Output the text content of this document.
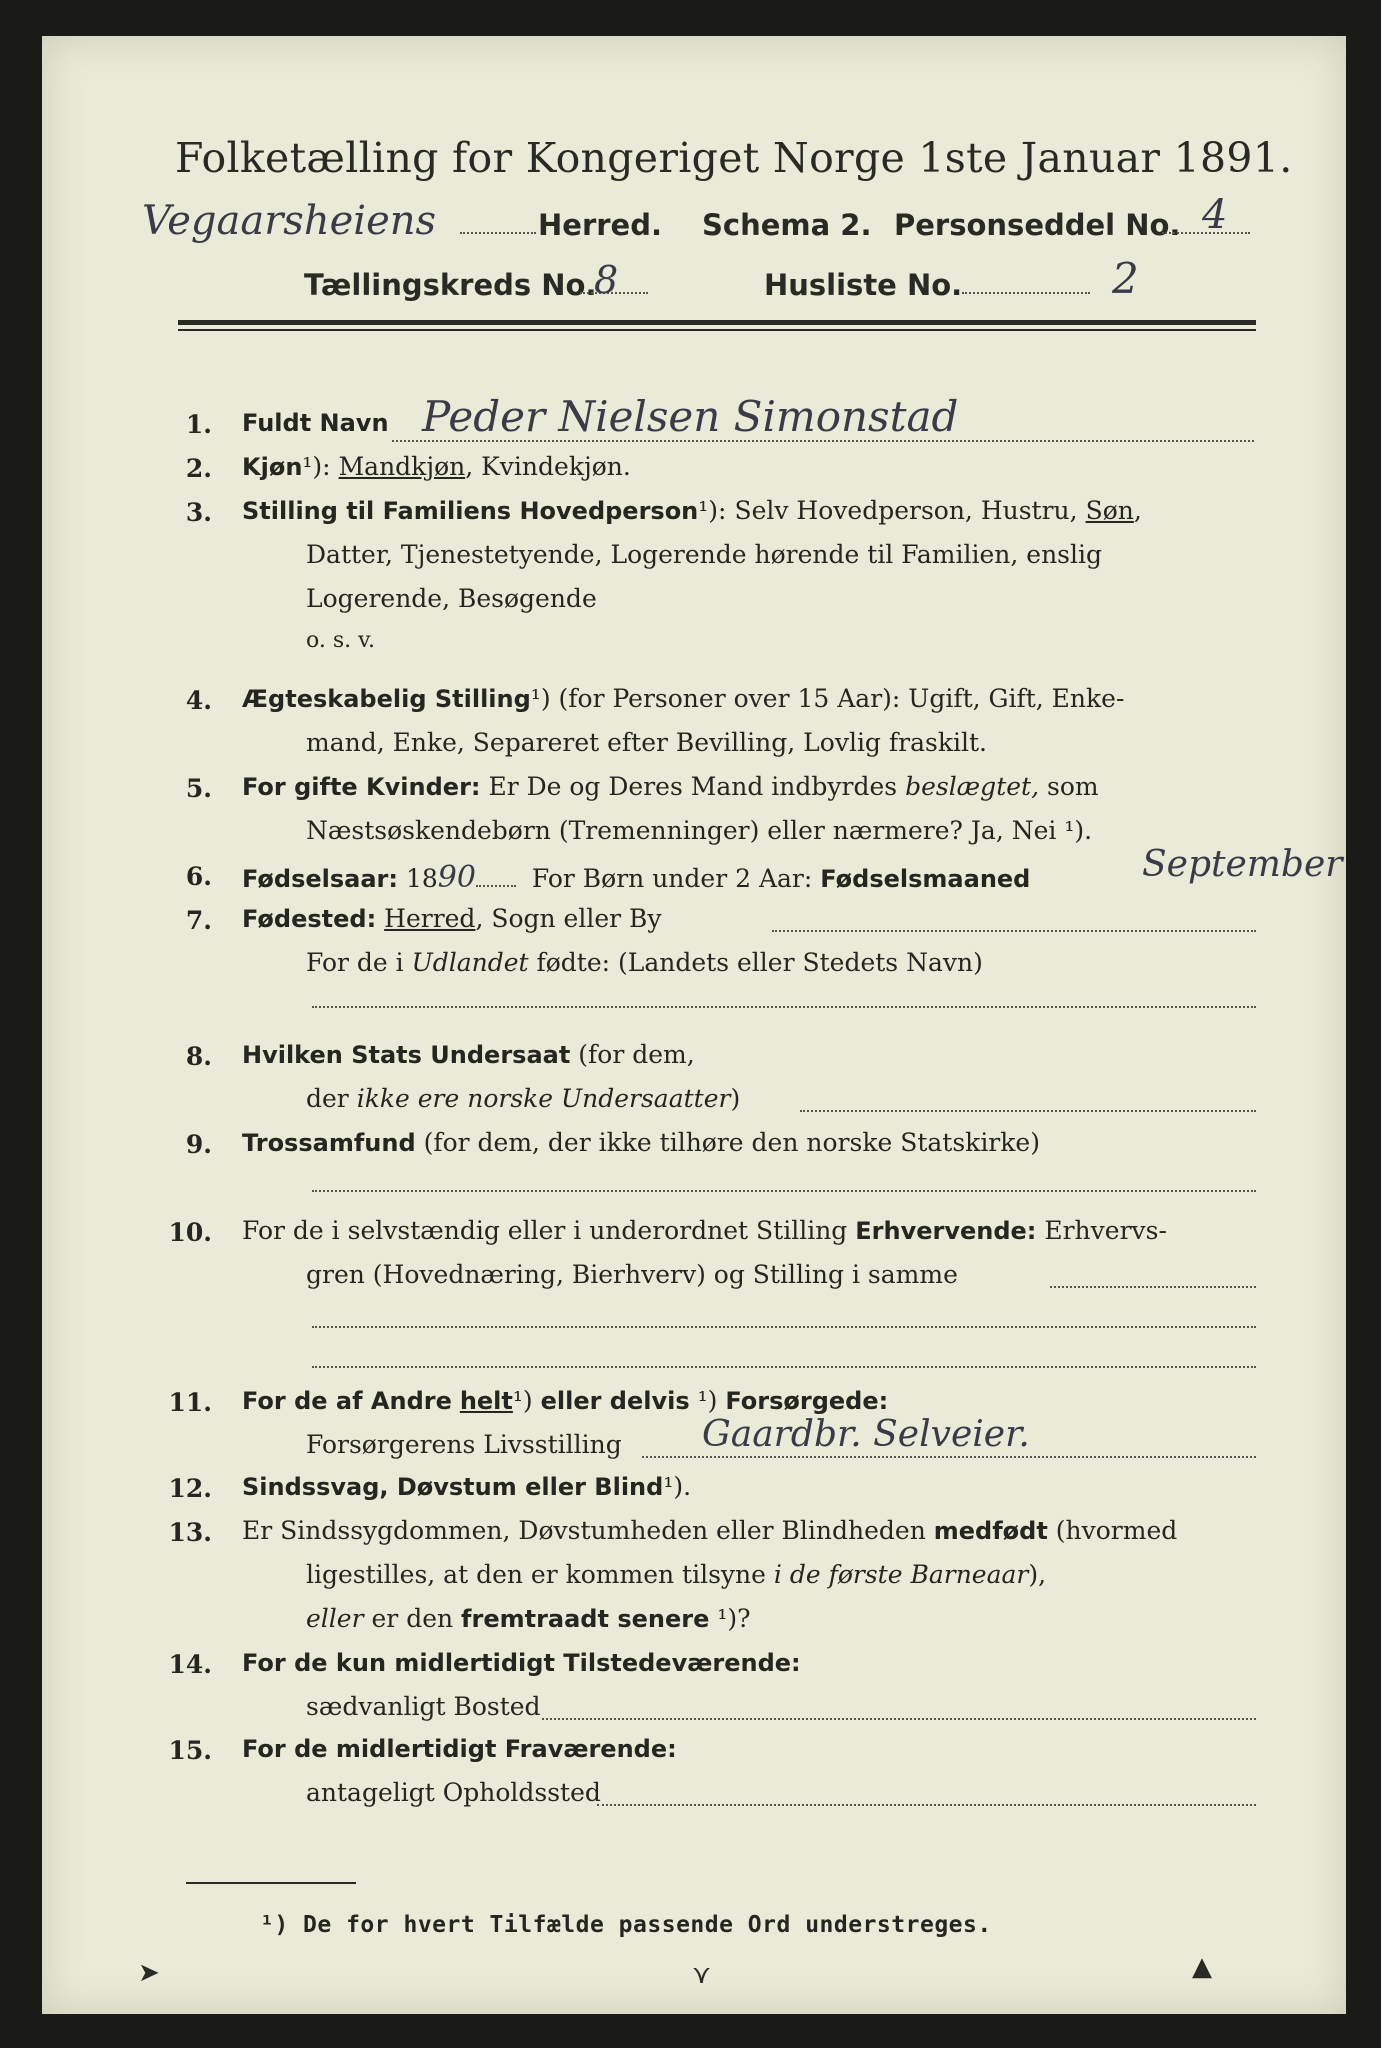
Folketælling for Kongeriget Norge 1ste Januar 1891.
Vegaarsheiens	Herred. Schema 2. Personseddel No. 4
Tællingskreds No.
8	Husliste No.	2
1. Fuldt Navn Peder Nielsen Simonstad
2. Kjøn¹): Mandkjøn, Kvindekjøn.
3. Stilling til Familiens Hovedperson¹): Selv Hovedperson, Hustru, Søn,
Datter, Tjenestetyende, Logerende hørende til Familien, enslig
Logerende, Besøgende
o. s. v.
4. Ægteskabelig Stilling¹) (for Personer over 15 Aar): Ugift, Gift, Enke-
mand, Enke, Separeret efter Bevilling, Lovlig fraskilt.
5. For gifte Kvinder: Er De og Deres Mand indbyrdes beslægtet, som
Næstsøskendebørn (Tremenninger) eller nærmere? Ja, Nei ¹).
6. Fødselsaar: 1890 For Børn under 2 Aar: Fødselsmaaned	September
7. Fødested: Herred, Sogn eller By
For de i Udlandet fødte: (Landets eller Stedets Navn)
8. Hvilken Stats Undersaat (for dem,
der ikke ere norske Undersaatter)
9. Trossamfund (for dem, der ikke tilhøre den norske Statskirke)
10. For de i selvstændig eller i underordnet Stilling Erhvervende: Erhvervs-
gren (Hovednæring, Bierhverv) og Stilling i samme
11. For de af Andre helt¹) eller delvis ¹) Forsørgede:
Forsørgerens Livsstilling Gaardbr. Selveier.
12. Sindssvag, Døvstum eller Blind¹).
13. Er Sindssygdommen, Døvstumheden eller Blindheden medfødt (hvormed
ligestilles, at den er kommen tilsyne i de første Barneaar),
eller er den fremtraadt senere ¹)?
14. For de kun midlertidigt Tilstedeværende:
sædvanligt Bosted
15. For de midlertidigt Fraværende:
antageligt Opholdssted
¹) De for hvert Tilfælde passende Ord understreges.
➤	⋎	▲
